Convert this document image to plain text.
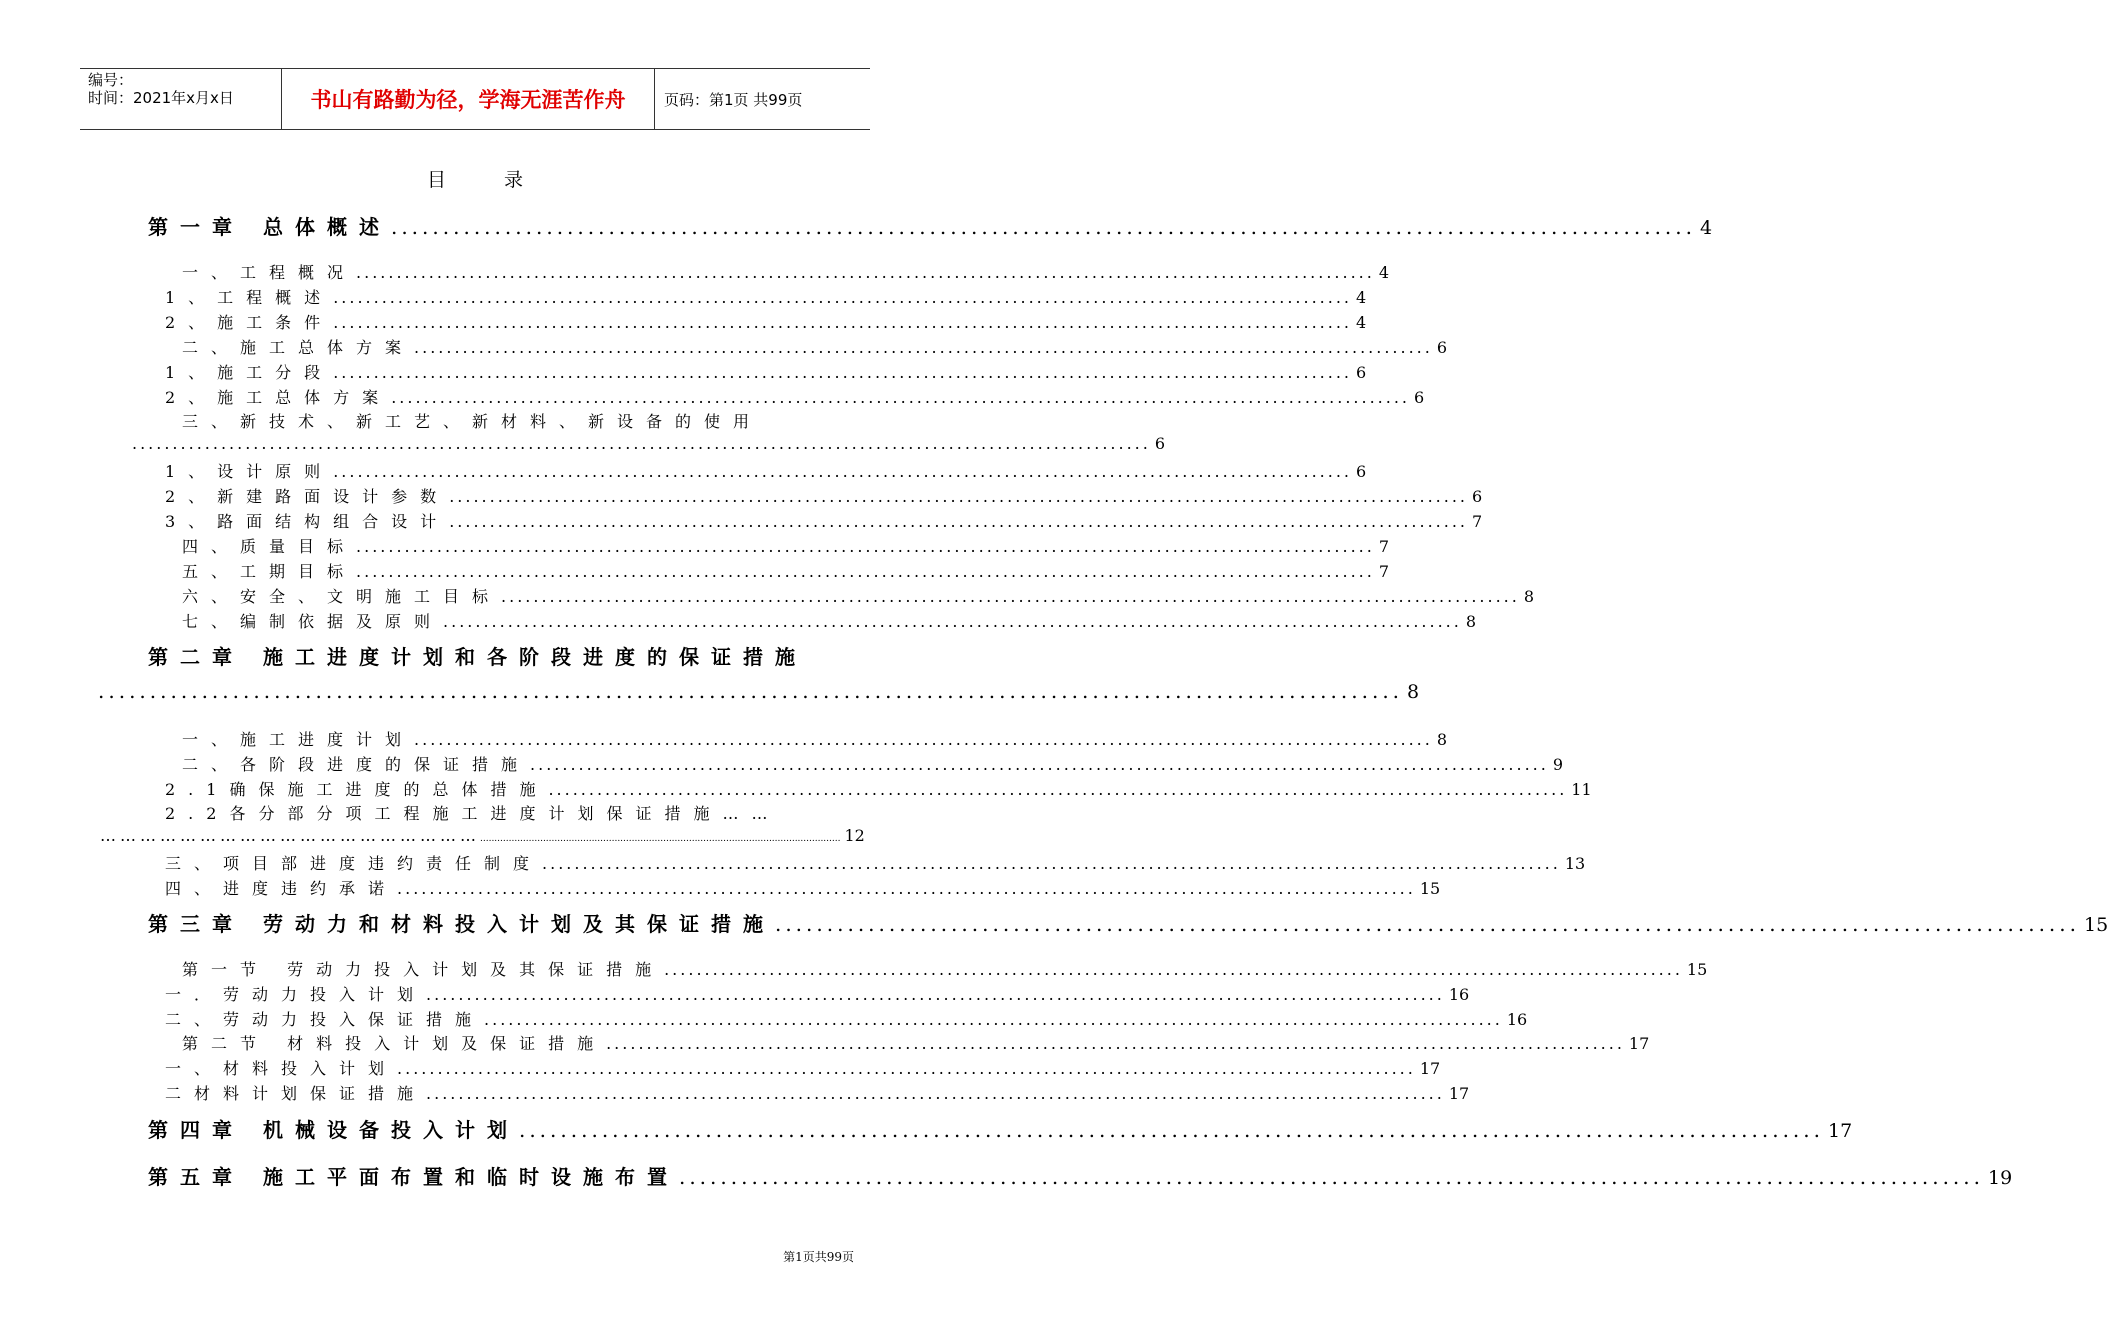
编号：
时间：2021年x月x日	书山有路勤为径，学海无涯苦作舟	页码：第1页 共99页
目录
第一章 总体概述 .............................................................................................................................. 4
一、工程概况 .............................................................................................................................. 4
1、工程概述 .............................................................................................................................. 4
2、施工条件 .............................................................................................................................. 4
二、施工总体方案 .............................................................................................................................. 6
1、施工分段 .............................................................................................................................. 6
2、施工总体方案 .............................................................................................................................. 6
三、新技术、新工艺、新材料、新设备的使用
.............................................................................................................................. 6
1、设计原则 .............................................................................................................................. 6
2、新建路面设计参数 .............................................................................................................................. 6
3、路面结构组合设计 .............................................................................................................................. 7
四、质量目标 .............................................................................................................................. 7
五、工期目标 .............................................................................................................................. 7
六、安全、文明施工目标 .............................................................................................................................. 8
七、编制依据及原则 .............................................................................................................................. 8
第二章 施工进度计划和各阶段进度的保证措施
.............................................................................................................................. 8
一、施工进度计划 .............................................................................................................................. 8
二、各阶段进度的保证措施 .............................................................................................................................. 9
2.1确保施工进度的总体措施 .............................................................................................................................. 11
2.2各分部分项工程施工进度计划保证措施……
………………………………………………… .............................................................................................................................. 12
三、项目部进度违约责任制度 .............................................................................................................................. 13
四、进度违约承诺 .............................................................................................................................. 15
第三章 劳动力和材料投入计划及其保证措施 .............................................................................................................................. 15
第一节 劳动力投入计划及其保证措施 .............................................................................................................................. 15
一．劳动力投入计划 .............................................................................................................................. 16
二、劳动力投入保证措施 .............................................................................................................................. 16
第二节 材料投入计划及保证措施 .............................................................................................................................. 17
一、材料投入计划 .............................................................................................................................. 17
二材料计划保证措施 .............................................................................................................................. 17
第四章 机械设备投入计划 .............................................................................................................................. 17
第五章 施工平面布置和临时设施布置 .............................................................................................................................. 19
第1页共99页
